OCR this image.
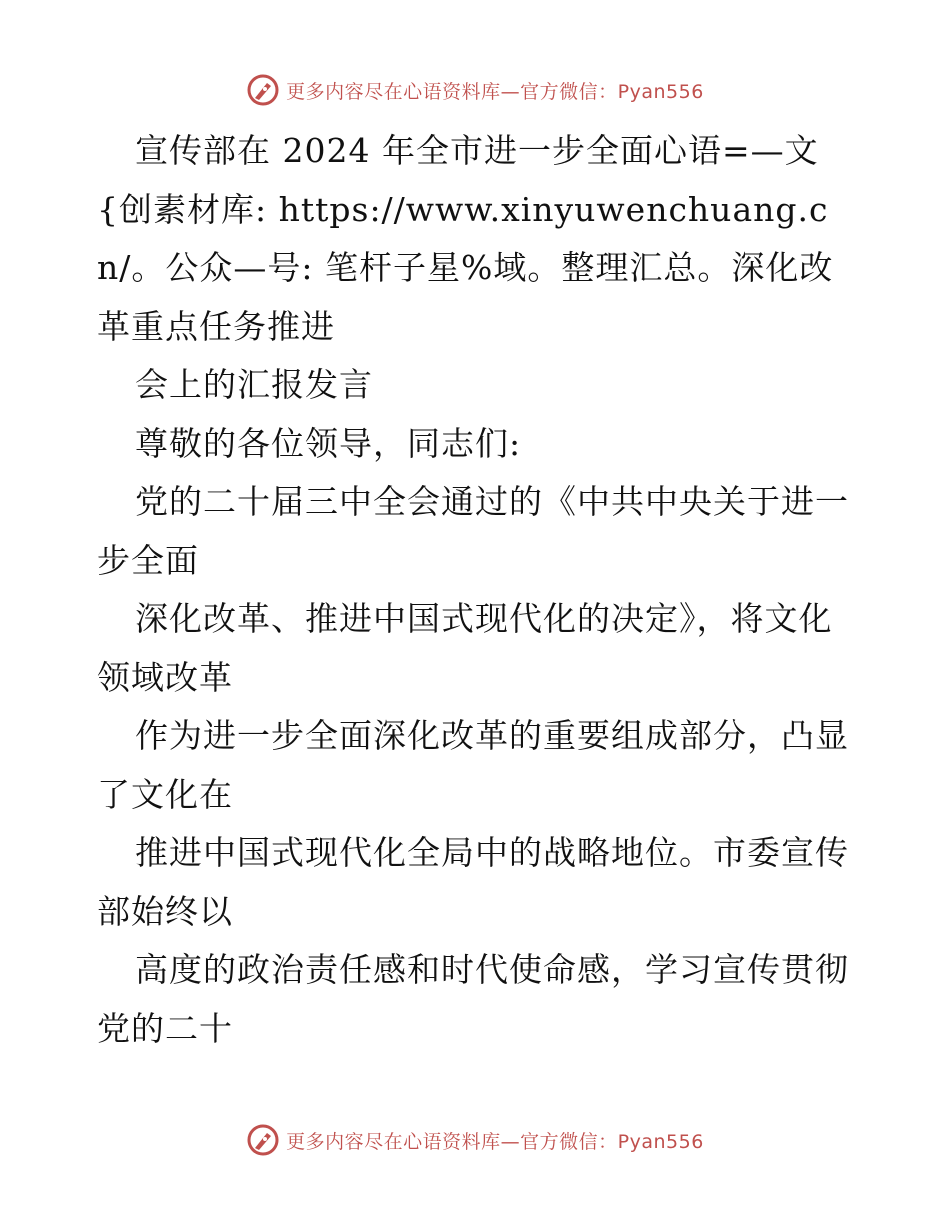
更多内容尽在心语资料库—官方微信：Pyan556

宣传部在 2024 年全市进一步全面心语=—文{创素材库: https://www.xinyuwenchuang.cn/。公众—号: 笔杆子星%域。整理汇总。深化改革重点任务推进

会上的汇报发言

尊敬的各位领导，同志们:

党的二十届三中全会通过的《中共中央关于进一步全面

深化改革、推进中国式现代化的决定》，将文化领域改革

作为进一步全面深化改革的重要组成部分，凸显了文化在

推进中国式现代化全局中的战略地位。市委宣传部始终以

高度的政治责任感和时代使命感，学习宣传贯彻党的二十

更多内容尽在心语资料库—官方微信：Pyan556
